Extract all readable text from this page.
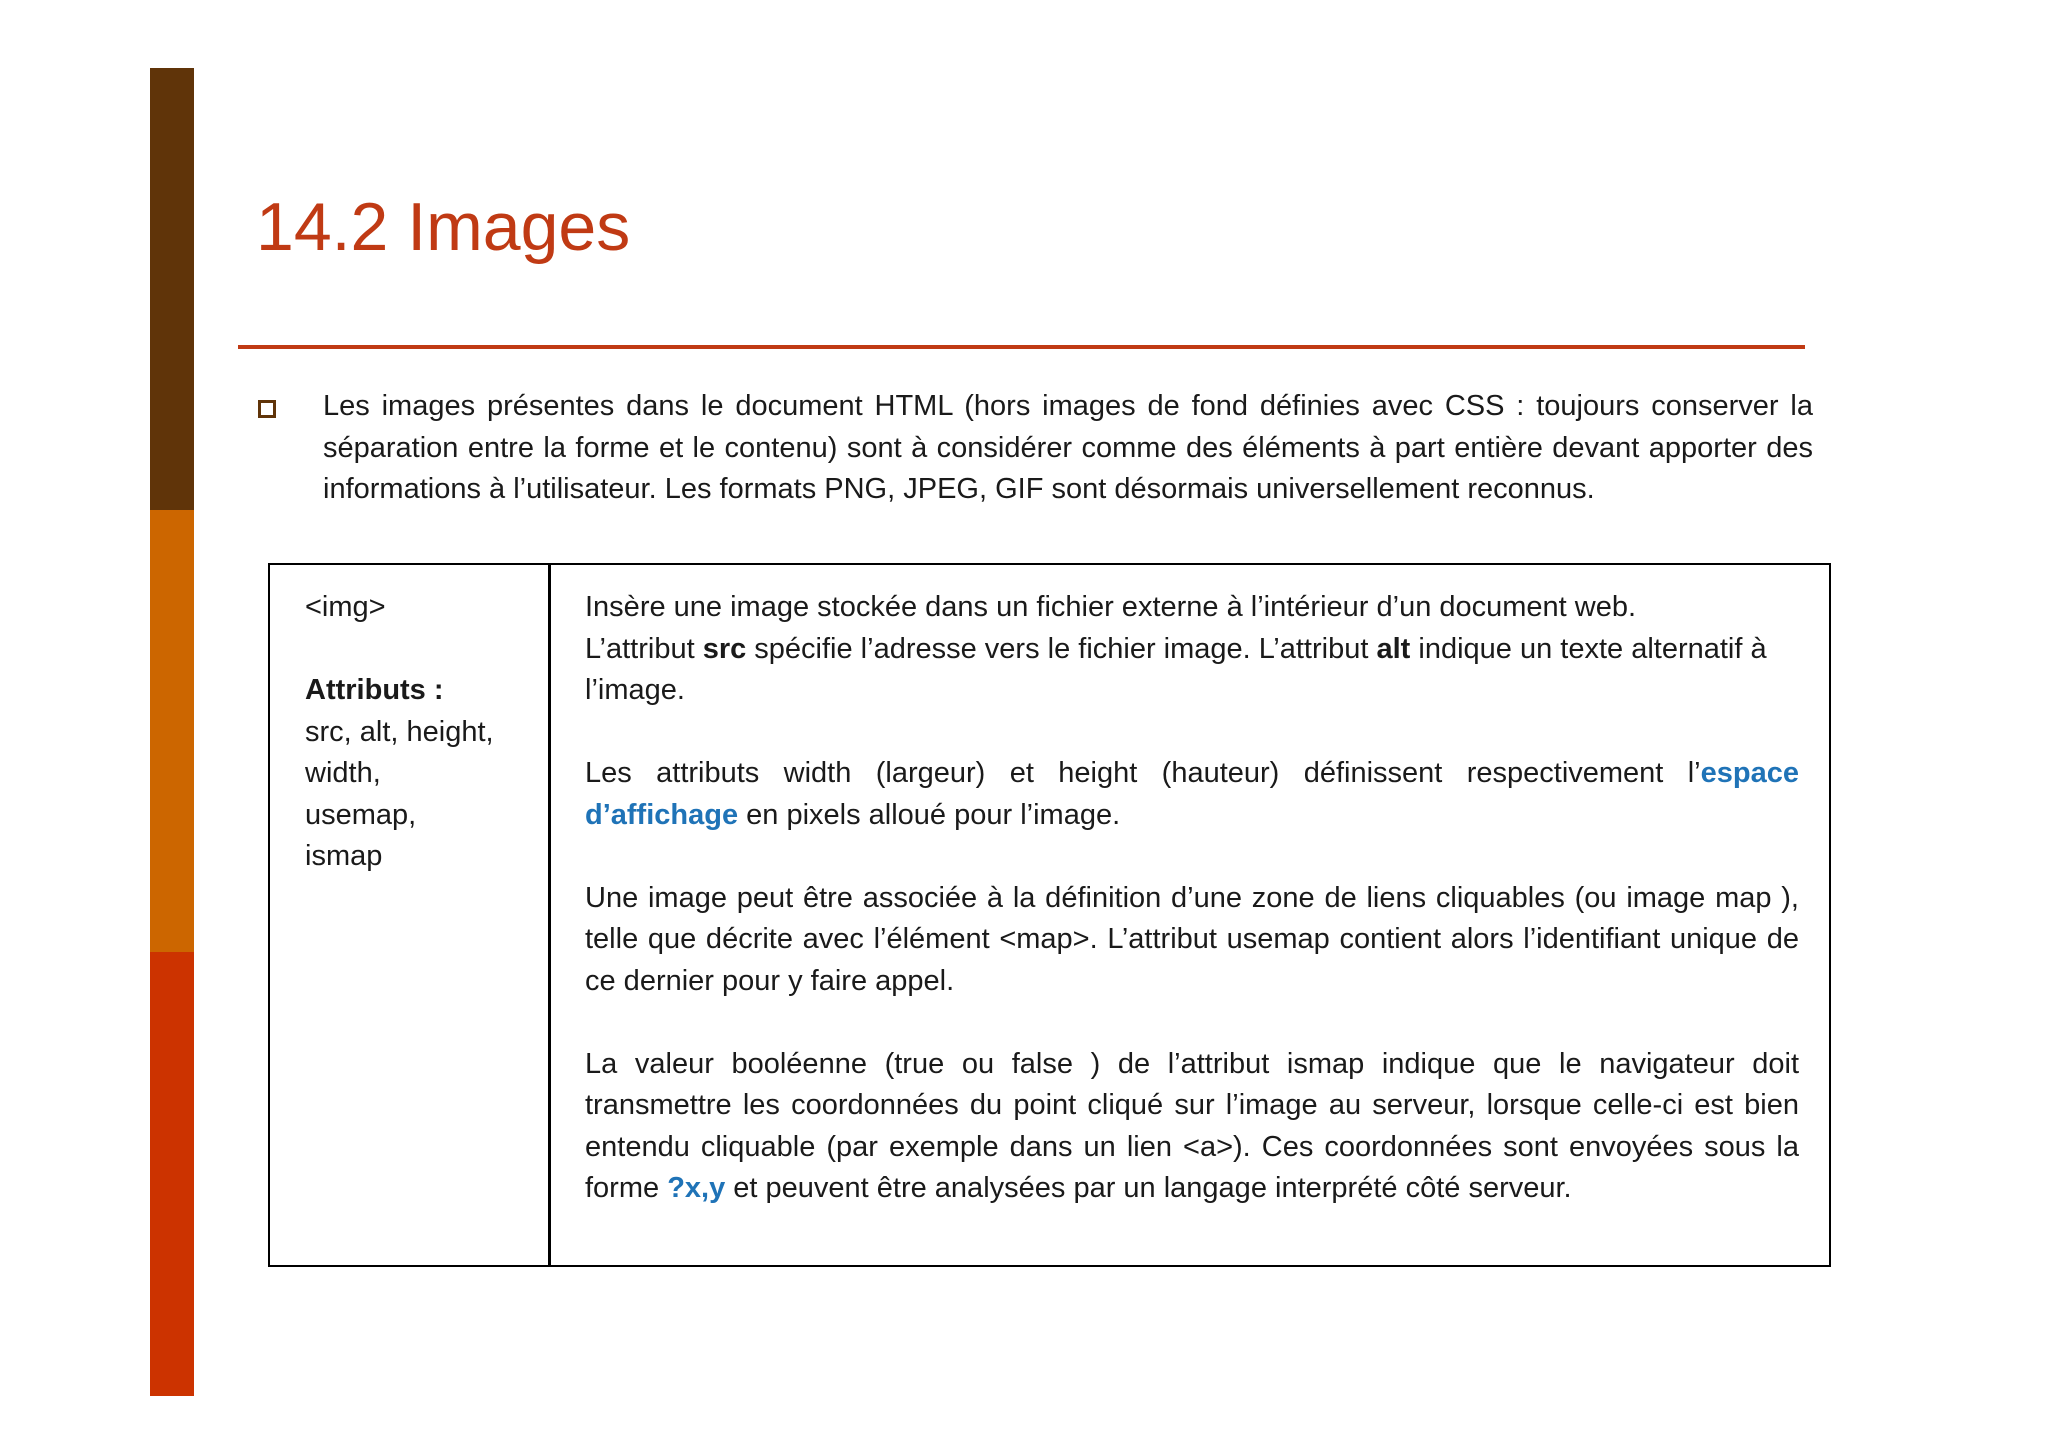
14.2 Images
Les images présentes dans le document HTML (hors images de fond définies avec CSS : toujours conserver la séparation entre la forme et le contenu) sont à considérer comme des éléments à part entière devant apporter des informations à l’utilisateur. Les formats PNG, JPEG, GIF sont désormais universellement reconnus.
<img>
Attributs :
src, alt, height,
width,
usemap,
ismap

Insère une image stockée dans un fichier externe à l’intérieur d’un document web.
L’attribut src spécifie l’adresse vers le fichier image. L’attribut alt indique un texte alternatif à l’image.

Les attributs width (largeur) et height (hauteur) définissent respectivement l’espace d’affichage en pixels alloué pour l’image.

Une image peut être associée à la définition d’une zone de liens cliquables (ou image map ), telle que décrite avec l’élément <map>. L’attribut usemap contient alors l’identifiant unique de ce dernier pour y faire appel.

La valeur booléenne (true ou false ) de l’attribut ismap indique que le navigateur doit transmettre les coordonnées du point cliqué sur l’image au serveur, lorsque celle-ci est bien entendu cliquable (par exemple dans un lien <a>). Ces coordonnées sont envoyées sous la forme ?x,y et peuvent être analysées par un langage interprété côté serveur.
